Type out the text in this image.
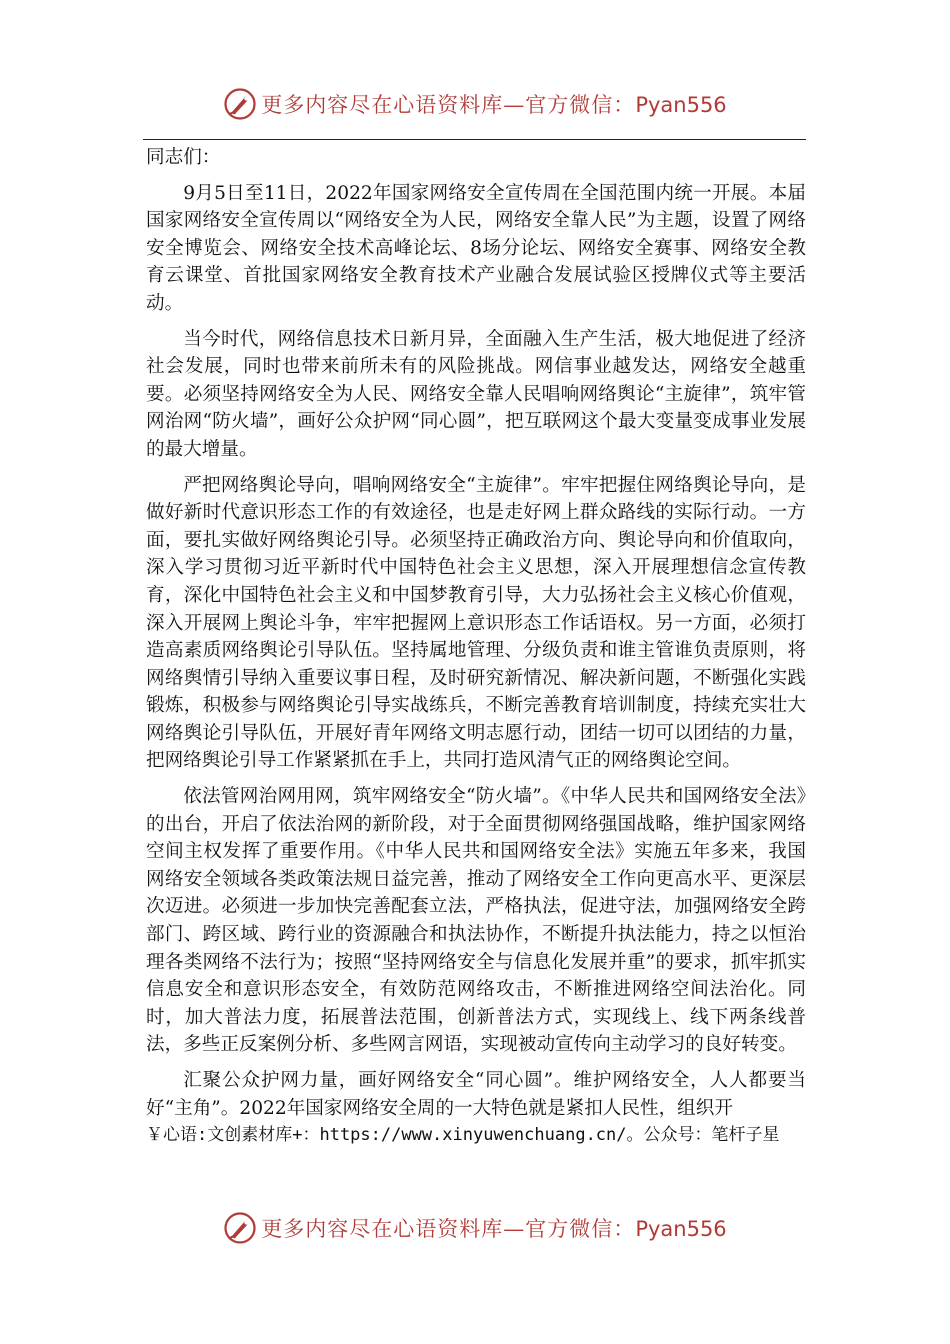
更多内容尽在心语资料库—官方微信：Pyan556

同志们：

9月5日至11日，2022年国家网络安全宣传周在全国范围内统一开展。本届国家网络安全宣传周以“网络安全为人民，网络安全靠人民”为主题，设置了网络安全博览会、网络安全技术高峰论坛、8场分论坛、网络安全赛事、网络安全教育云课堂、首批国家网络安全教育技术产业融合发展试验区授牌仪式等主要活动。

当今时代，网络信息技术日新月异，全面融入生产生活，极大地促进了经济社会发展，同时也带来前所未有的风险挑战。网信事业越发达，网络安全越重要。必须坚持网络安全为人民、网络安全靠人民唱响网络舆论“主旋律”，筑牢管网治网“防火墙”，画好公众护网“同心圆”，把互联网这个最大变量变成事业发展的最大增量。

严把网络舆论导向，唱响网络安全“主旋律”。牢牢把握住网络舆论导向，是做好新时代意识形态工作的有效途径，也是走好网上群众路线的实际行动。一方面，要扎实做好网络舆论引导。必须坚持正确政治方向、舆论导向和价值取向，深入学习贯彻习近平新时代中国特色社会主义思想，深入开展理想信念宣传教育，深化中国特色社会主义和中国梦教育引导，大力弘扬社会主义核心价值观，深入开展网上舆论斗争，牢牢把握网上意识形态工作话语权。另一方面，必须打造高素质网络舆论引导队伍。坚持属地管理、分级负责和谁主管谁负责原则，将网络舆情引导纳入重要议事日程，及时研究新情况、解决新问题，不断强化实践锻炼，积极参与网络舆论引导实战练兵，不断完善教育培训制度，持续充实壮大网络舆论引导队伍，开展好青年网络文明志愿行动，团结一切可以团结的力量，把网络舆论引导工作紧紧抓在手上，共同打造风清气正的网络舆论空间。

依法管网治网用网，筑牢网络安全“防火墙”。《中华人民共和国网络安全法》的出台，开启了依法治网的新阶段，对于全面贯彻网络强国战略，维护国家网络空间主权发挥了重要作用。《中华人民共和国网络安全法》实施五年多来，我国网络安全领域各类政策法规日益完善，推动了网络安全工作向更高水平、更深层次迈进。必须进一步加快完善配套立法，严格执法，促进守法，加强网络安全跨部门、跨区域、跨行业的资源融合和执法协作，不断提升执法能力，持之以恒治理各类网络不法行为；按照“坚持网络安全与信息化发展并重”的要求，抓牢抓实信息安全和意识形态安全，有效防范网络攻击，不断推进网络空间法治化。同时，加大普法力度，拓展普法范围，创新普法方式，实现线上、线下两条线普法，多些正反案例分析、多些网言网语，实现被动宣传向主动学习的良好转变。

汇聚公众护网力量，画好网络安全“同心圆”。维护网络安全，人人都要当好“主角”。2022年国家网络安全周的一大特色就是紧扣人民性，组织开

￥心语:文创素材库+：https://www.xinyuwenchuang.cn/。公众号：笔杆子星

更多内容尽在心语资料库—官方微信：Pyan556
